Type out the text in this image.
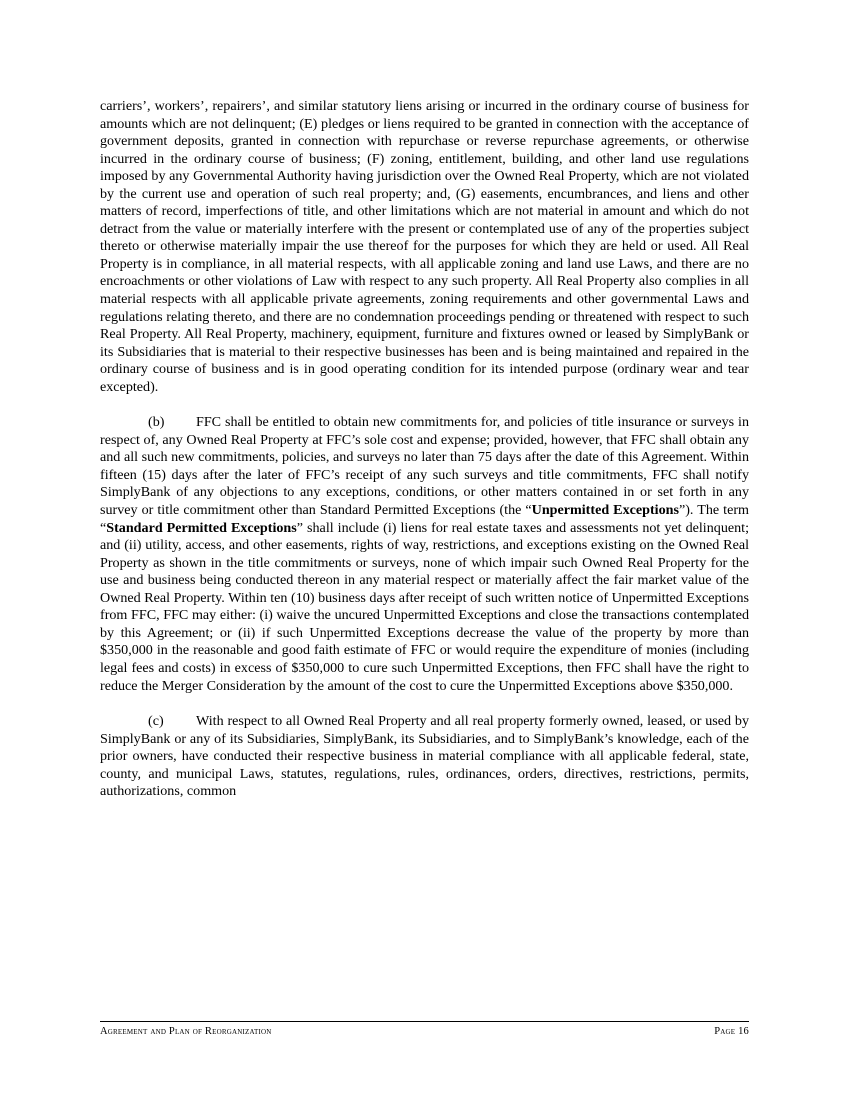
carriers’, workers’, repairers’, and similar statutory liens arising or incurred in the ordinary course of business for amounts which are not delinquent; (E) pledges or liens required to be granted in connection with the acceptance of government deposits, granted in connection with repurchase or reverse repurchase agreements, or otherwise incurred in the ordinary course of business; (F) zoning, entitlement, building, and other land use regulations imposed by any Governmental Authority having jurisdiction over the Owned Real Property, which are not violated by the current use and operation of such real property; and, (G) easements, encumbrances, and liens and other matters of record, imperfections of title, and other limitations which are not material in amount and which do not detract from the value or materially interfere with the present or contemplated use of any of the properties subject thereto or otherwise materially impair the use thereof for the purposes for which they are held or used. All Real Property is in compliance, in all material respects, with all applicable zoning and land use Laws, and there are no encroachments or other violations of Law with respect to any such property. All Real Property also complies in all material respects with all applicable private agreements, zoning requirements and other governmental Laws and regulations relating thereto, and there are no condemnation proceedings pending or threatened with respect to such Real Property. All Real Property, machinery, equipment, furniture and fixtures owned or leased by SimplyBank or its Subsidiaries that is material to their respective businesses has been and is being maintained and repaired in the ordinary course of business and is in good operating condition for its intended purpose (ordinary wear and tear excepted).

(b) FFC shall be entitled to obtain new commitments for, and policies of title insurance or surveys in respect of, any Owned Real Property at FFC’s sole cost and expense; provided, however, that FFC shall obtain any and all such new commitments, policies, and surveys no later than 75 days after the date of this Agreement. Within fifteen (15) days after the later of FFC’s receipt of any such surveys and title commitments, FFC shall notify SimplyBank of any objections to any exceptions, conditions, or other matters contained in or set forth in any survey or title commitment other than Standard Permitted Exceptions (the “Unpermitted Exceptions”). The term “Standard Permitted Exceptions” shall include (i) liens for real estate taxes and assessments not yet delinquent; and (ii) utility, access, and other easements, rights of way, restrictions, and exceptions existing on the Owned Real Property as shown in the title commitments or surveys, none of which impair such Owned Real Property for the use and business being conducted thereon in any material respect or materially affect the fair market value of the Owned Real Property. Within ten (10) business days after receipt of such written notice of Unpermitted Exceptions from FFC, FFC may either: (i) waive the uncured Unpermitted Exceptions and close the transactions contemplated by this Agreement; or (ii) if such Unpermitted Exceptions decrease the value of the property by more than $350,000 in the reasonable and good faith estimate of FFC or would require the expenditure of monies (including legal fees and costs) in excess of $350,000 to cure such Unpermitted Exceptions, then FFC shall have the right to reduce the Merger Consideration by the amount of the cost to cure the Unpermitted Exceptions above $350,000.

(c) With respect to all Owned Real Property and all real property formerly owned, leased, or used by SimplyBank or any of its Subsidiaries, SimplyBank, its Subsidiaries, and to SimplyBank’s knowledge, each of the prior owners, have conducted their respective business in material compliance with all applicable federal, state, county, and municipal Laws, statutes, regulations, rules, ordinances, orders, directives, restrictions, permits, authorizations, common

Agreement and Plan of Reorganization	Page 16
